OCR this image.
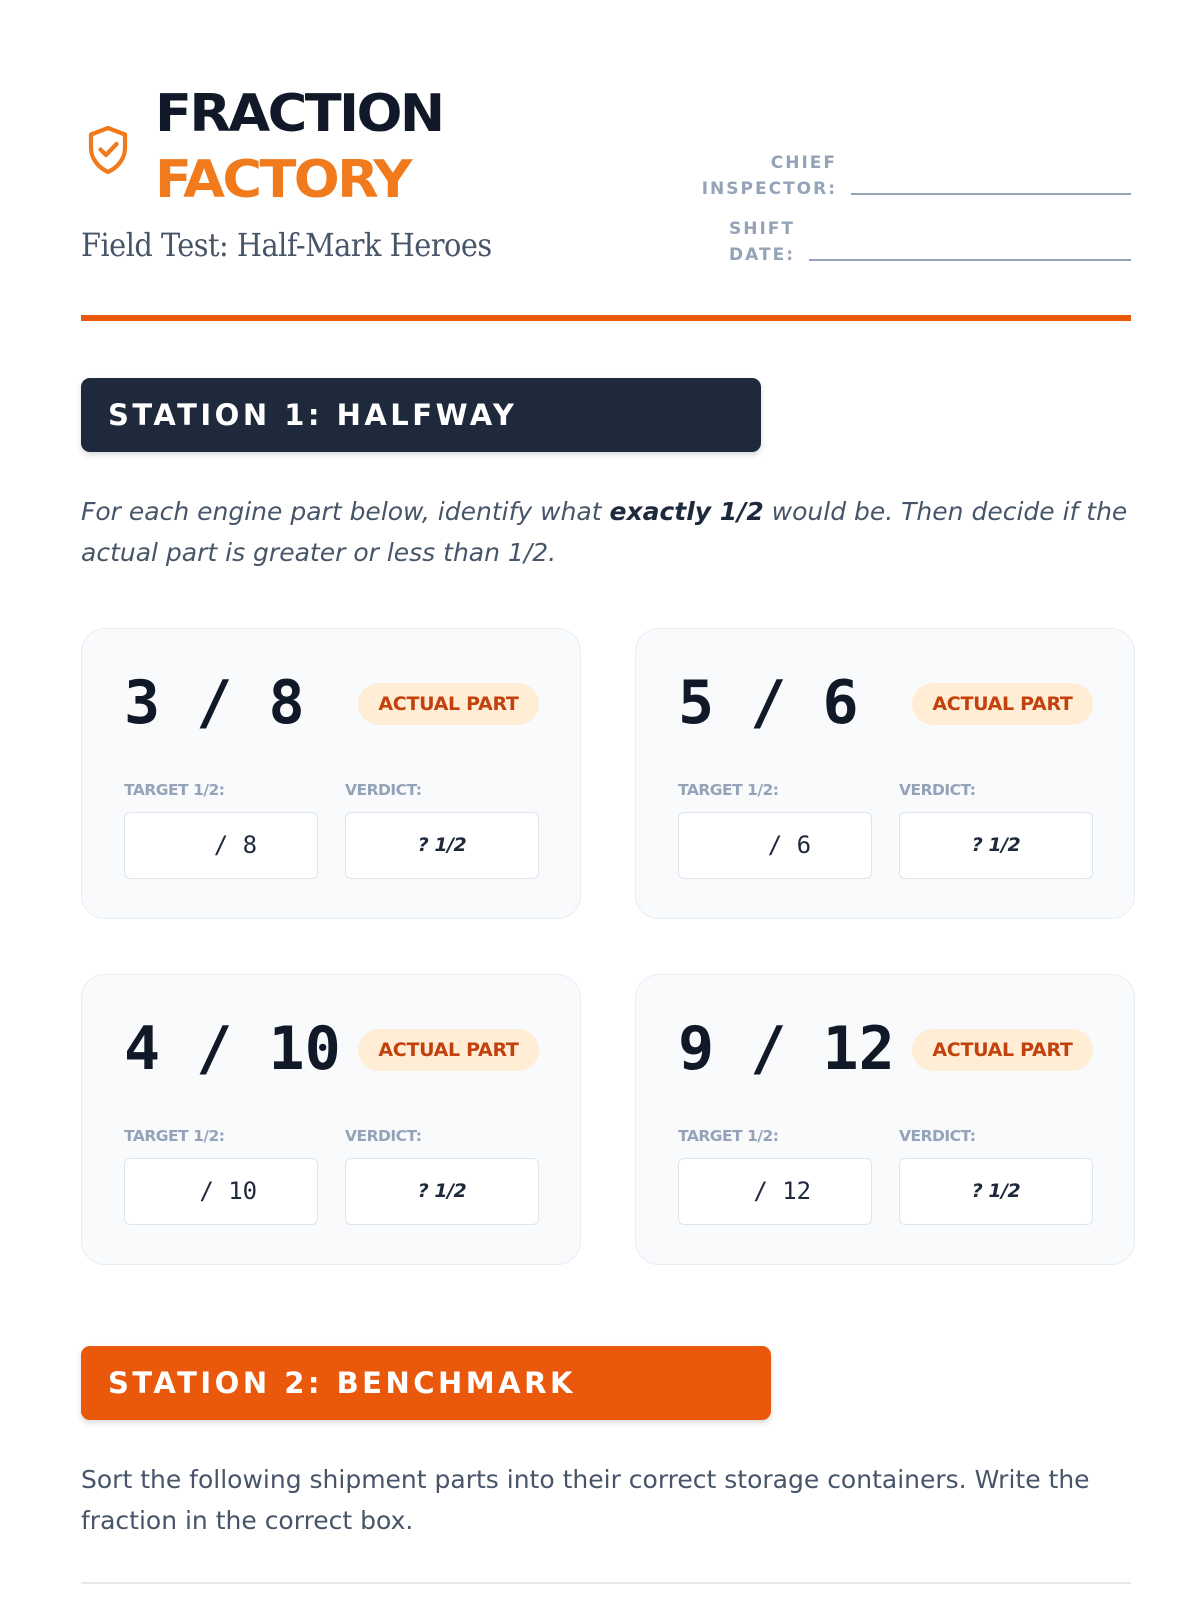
FRACTION
FACTORY
Field Test: Half-Mark Heroes
CHIEF
INSPECTOR:
SHIFT
DATE:
STATION 1: HALFWAY CALIBRATION

For each engine part below, identify what exactly 1/2 would be. Then decide if the actual part is greater or less than 1/2.

3 / 8	ACTUAL PART
TARGET 1/2:	VERDICT:
/ 8	? 1/2
5 / 6	ACTUAL PART
TARGET 1/2:	VERDICT:
/ 6	? 1/2
4 / 10	ACTUAL PART
TARGET 1/2:	VERDICT:
/ 10	? 1/2
9 / 12	ACTUAL PART
TARGET 1/2:	VERDICT:
/ 12	? 1/2
STATION 2: BENCHMARK LOGISTICS

Sort the following shipment parts into their correct storage containers. Write the fraction in the correct box.
